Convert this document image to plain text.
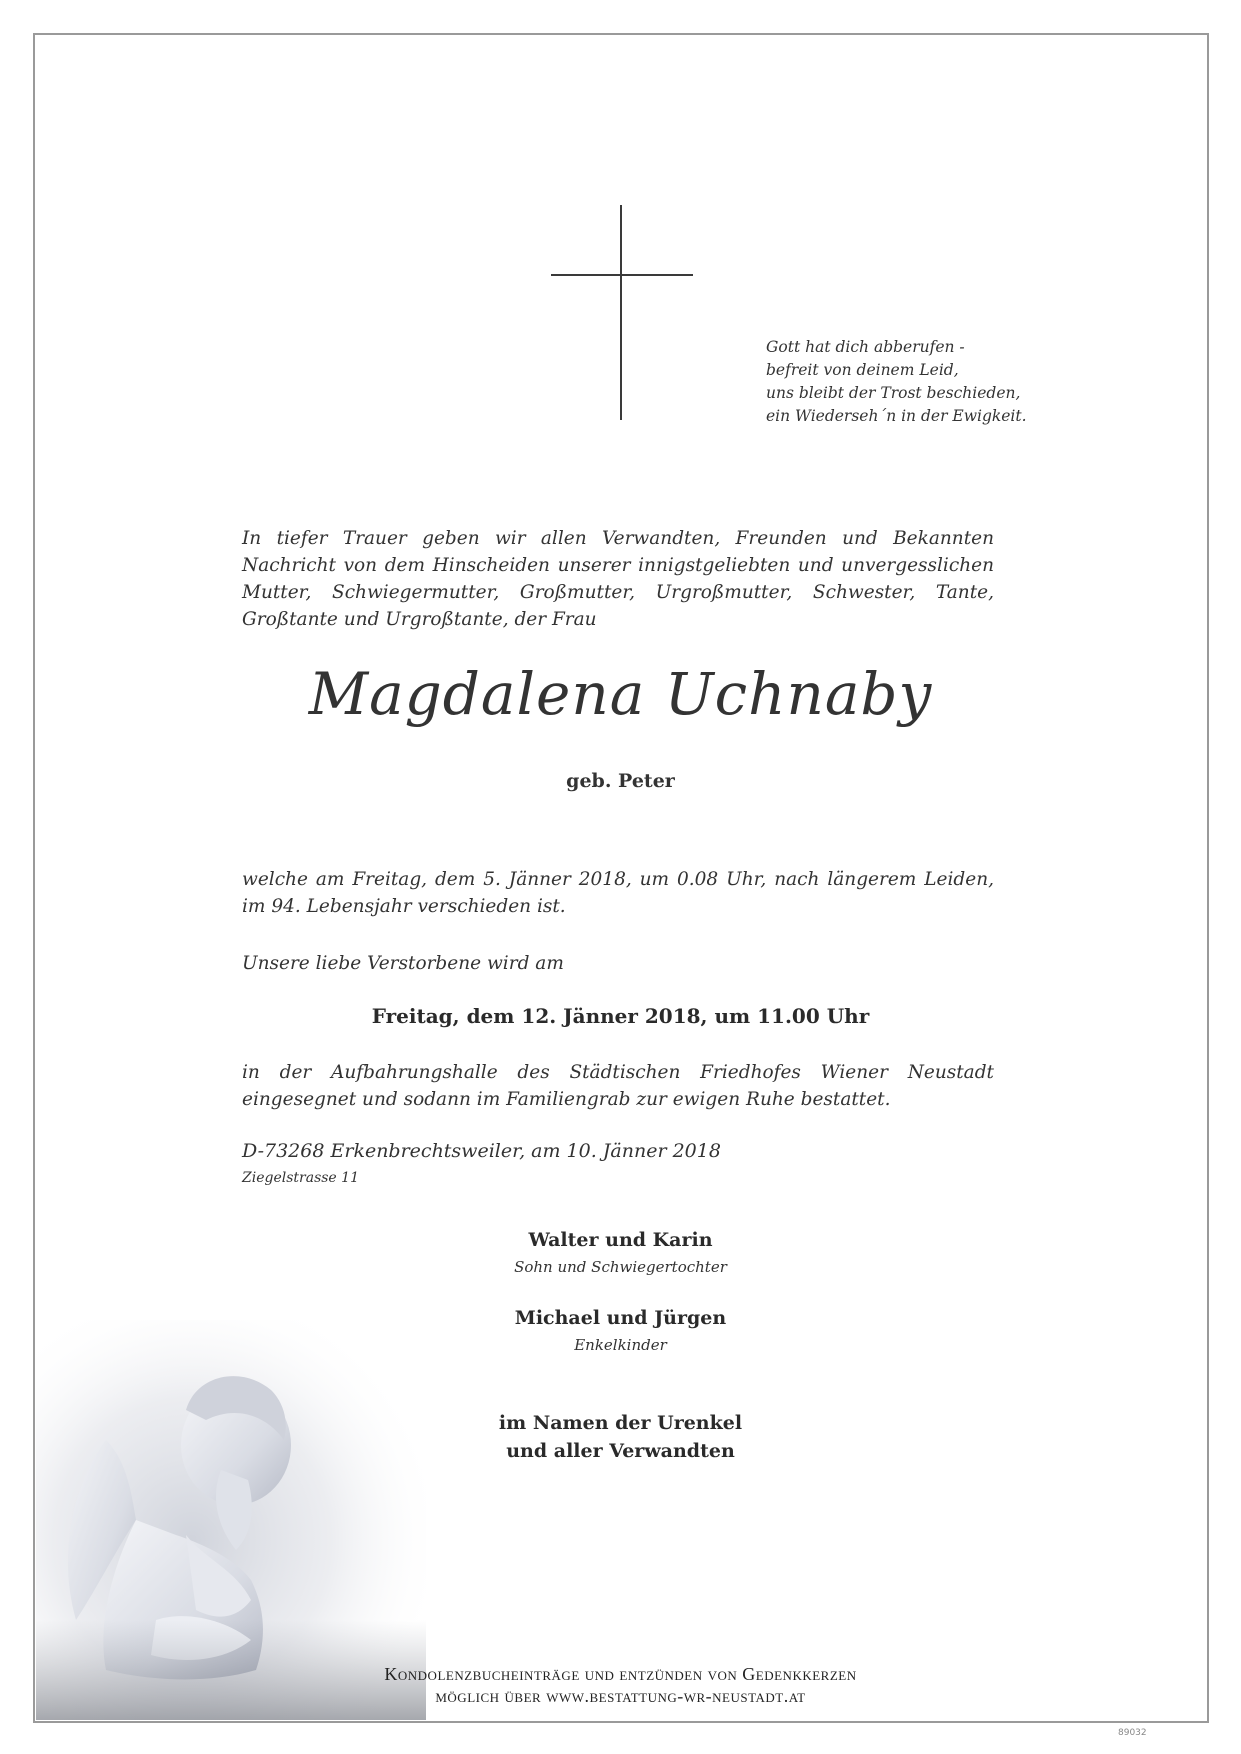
Gott hat dich abberufen -
befreit von deinem Leid,
uns bleibt der Trost beschieden,
ein Wiederseh´n in der Ewigkeit.
In tiefer Trauer geben wir allen Verwandten, Freunden und Bekannten Nachricht von dem Hinscheiden unserer innigstgeliebten und unvergesslichen Mutter, Schwiegermutter, Großmutter, Urgroßmutter, Schwester, Tante, Großtante und Urgroßtante, der Frau
Magdalena Uchnaby
geb. Peter
welche am Freitag, dem 5. Jänner 2018, um 0.08 Uhr, nach längerem Leiden, im 94. Lebensjahr verschieden ist.
Unsere liebe Verstorbene wird am
Freitag, dem 12. Jänner 2018, um 11.00 Uhr
in der Aufbahrungshalle des Städtischen Friedhofes Wiener Neustadt eingesegnet und sodann im Familiengrab zur ewigen Ruhe bestattet.
D-73268 Erkenbrechtsweiler, am 10. Jänner 2018
Ziegelstrasse 11
Walter und Karin
Sohn und Schwiegertochter
Michael und Jürgen
Enkelkinder
im Namen der Urenkel
und aller Verwandten
Kondolenzbucheinträge und entzünden von Gedenkkerzen
möglich über www.bestattung-wr-neustadt.at
89032
